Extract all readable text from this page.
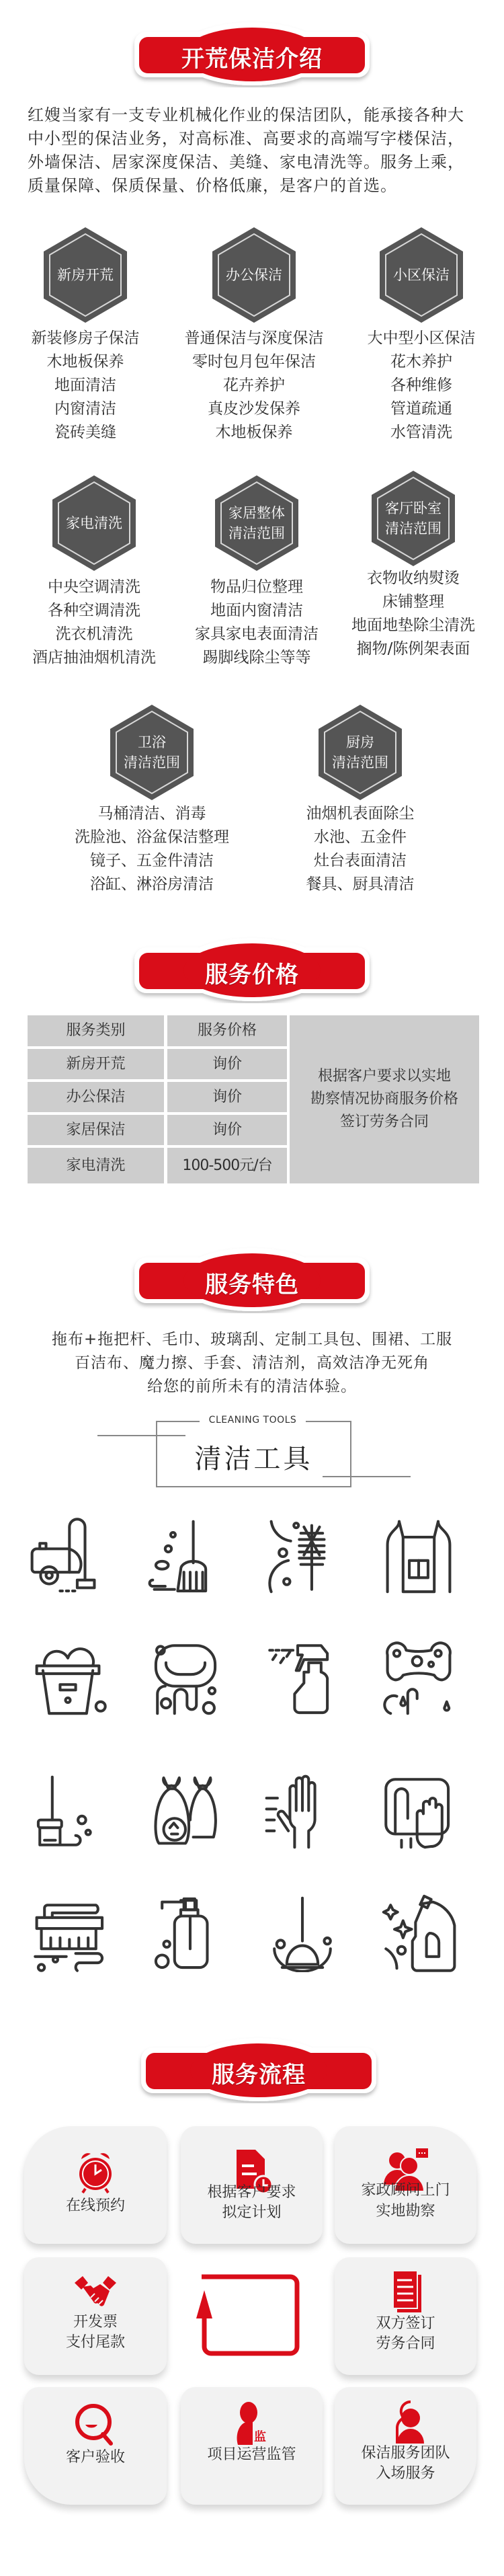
开荒保洁介绍
服务价格
服务特色
服务流程
红嫂当家有一支专业机械化作业的保洁团队，能承接各种大
中小型的保洁业务，对高标准、高要求的高端写字楼保洁，
外墙保洁、居家深度保洁、美缝、家电清洗等。服务上乘，
质量保障、保质保量、价格低廉，是客户的首选。
新房开荒
新装修房子保洁
木地板保养
地面清洁
内窗清洁
瓷砖美缝
办公保洁
普通保洁与深度保洁
零时包月包年保洁
花卉养护
真皮沙发保养
木地板保养
小区保洁
大中型小区保洁
花木养护
各种维修
管道疏通
水管清洗
家电清洗
中央空调清洗
各种空调清洗
洗衣机清洗
酒店抽油烟机清洗
家居整体
清洁范围
物品归位整理
地面内窗清洁
家具家电表面清洁
踢脚线除尘等等
客厅卧室
清洁范围
衣物收纳熨烫
床铺整理
地面地垫除尘清洗
搁物/陈例架表面
卫浴
清洁范围
马桶清洁、消毒
洗脸池、浴盆保洁整理
镜子、五金件清洁
浴缸、淋浴房清洁
厨房
清洁范围
油烟机表面除尘
水池、五金件
灶台表面清洁
餐具、厨具清洁
服务类别	服务价格
新房开荒	询价
办公保洁	询价
家居保洁	询价
家电清洗	100-500元/台
根据客户要求以实地
勘察情况协商服务价格
签订劳务合同
拖布+拖把杆、毛巾、玻璃刮、定制工具包、围裙、工服
百洁布、魔力擦、手套、清洁剂，高效洁净无死角
给您的前所未有的清洁体验。
CLEANING TOOLS
清洁工具
在线预约
根据客户要求
拟定计划
家政顾问上门
实地勘察
开发票
支付尾款
双方签订
劳务合同
客户验收
监
项目运营监管	保洁服务团队
入场服务
